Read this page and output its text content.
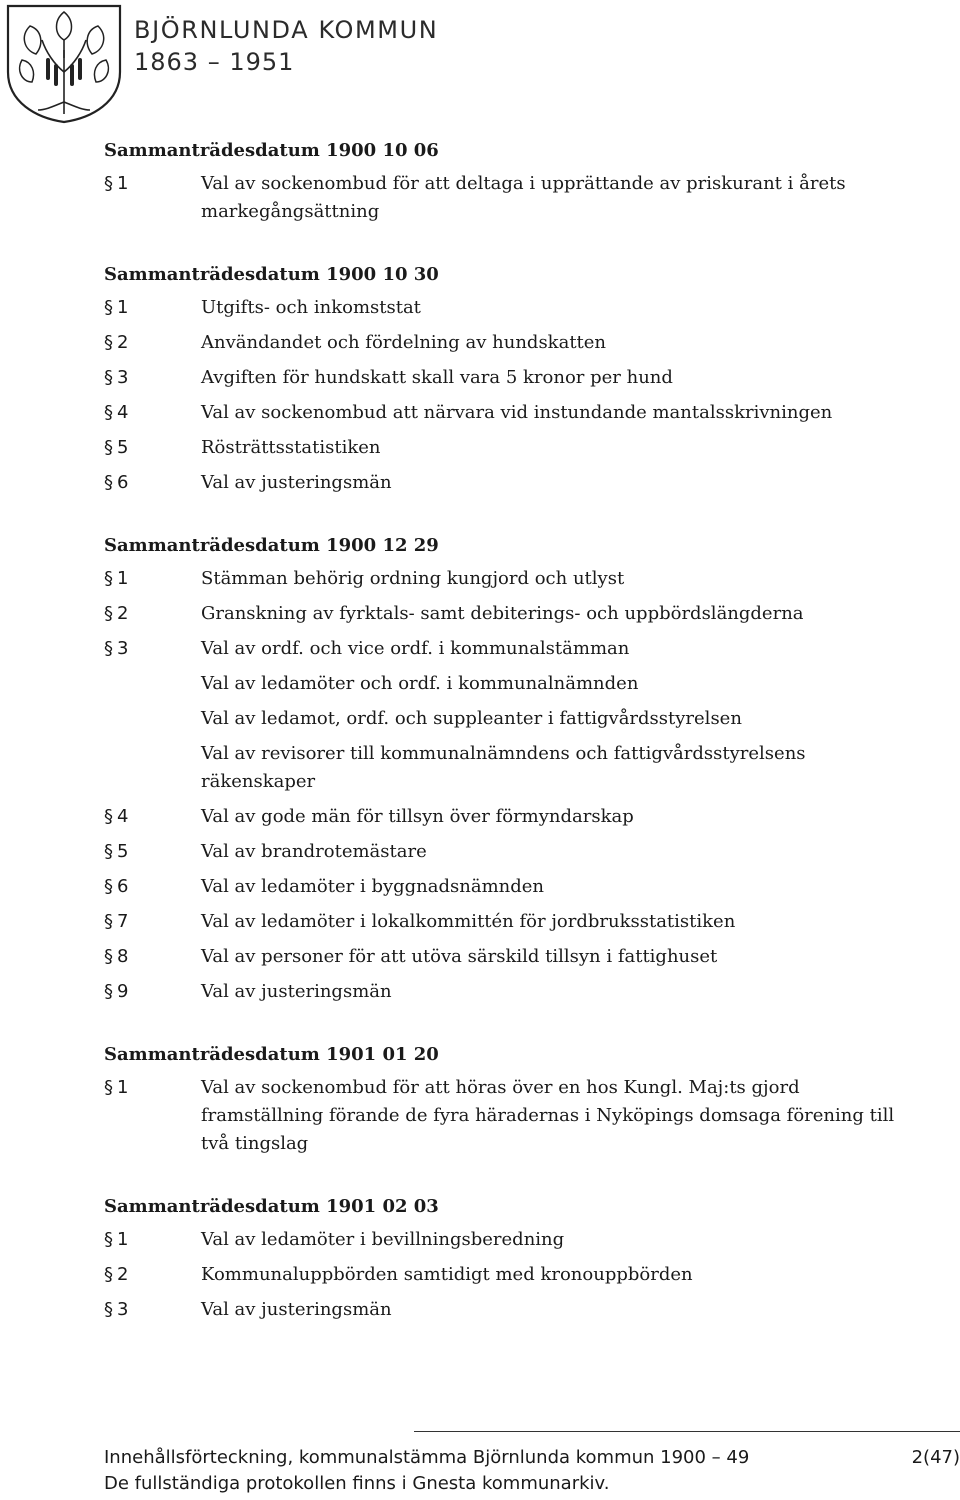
BJÖRNLUNDA KOMMUN
1863 – 1951
Sammanträdesdatum 1900 10 06
§ 1	Val av sockenombud för att deltaga i upprättande av priskurant i årets markegångsättning
Sammanträdesdatum 1900 10 30
§ 1	Utgifts- och inkomststat
§ 2	Användandet och fördelning av hundskatten
§ 3	Avgiften för hundskatt skall vara 5 kronor per hund
§ 4	Val av sockenombud att närvara vid instundande mantalsskrivningen
§ 5	Rösträttsstatistiken
§ 6	Val av justeringsmän
Sammanträdesdatum 1900 12 29
§ 1	Stämman behörig ordning kungjord och utlyst
§ 2	Granskning av fyrktals- samt debiterings- och uppbördslängderna
§ 3	Val av ordf. och vice ordf. i kommunalstämman
Val av ledamöter och ordf. i kommunalnämnden
Val av ledamot, ordf. och suppleanter i fattigvårdsstyrelsen
Val av revisorer till kommunalnämndens och fattigvårdsstyrelsens räkenskaper
§ 4	Val av gode män för tillsyn över förmyndarskap
§ 5	Val av brandrotemästare
§ 6	Val av ledamöter i byggnadsnämnden
§ 7	Val av ledamöter i lokalkommittén för jordbruksstatistiken
§ 8	Val av personer för att utöva särskild tillsyn i fattighuset
§ 9	Val av justeringsmän
Sammanträdesdatum 1901 01 20
§ 1	Val av sockenombud för att höras över en hos Kungl. Maj:ts gjord framställning förande de fyra häradernas i Nyköpings domsaga förening till två tingslag
Sammanträdesdatum 1901 02 03
§ 1	Val av ledamöter i bevillningsberedning
§ 2	Kommunaluppbörden samtidigt med kronouppbörden
§ 3	Val av justeringsmän
Innehållsförteckning, kommunalstämma Björnlunda kommun 1900 – 49	2(47)
De fullständiga protokollen finns i Gnesta kommunarkiv.
